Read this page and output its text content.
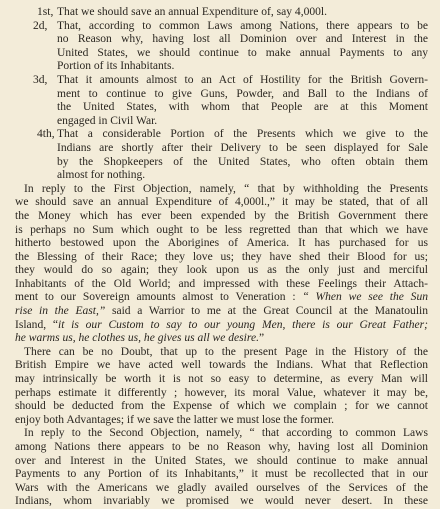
1st, That we should save an annual Expenditure of, say 4,000l.
2d, That, according to common Laws among Nations, there appears to be
no Reason why, having lost all Dominion over and Interest in the
United States, we should continue to make annual Payments to any
Portion of its Inhabitants.
3d, That it amounts almost to an Act of Hostility for the British Govern-
ment to continue to give Guns, Powder, and Ball to the Indians of
the United States, with whom that People are at this Moment
engaged in Civil War.
4th, That a considerable Portion of the Presents which we give to the
Indians are shortly after their Delivery to be seen displayed for Sale
by the Shopkeepers of the United States, who often obtain them
almost for nothing.
In reply to the First Objection, namely, “ that by withholding the Presents
we should save an annual Expenditure of 4,000l.,” it may be stated, that of all
the Money which has ever been expended by the British Government there
is perhaps no Sum which ought to be less regretted than that which we have
hitherto bestowed upon the Aborigines of America. It has purchased for us
the Blessing of their Race; they love us; they have shed their Blood for us;
they would do so again; they look upon us as the only just and merciful
Inhabitants of the Old World; and impressed with these Feelings their Attach-
ment to our Sovereign amounts almost to Veneration : “ When we see the Sun
rise in the East,” said a Warrior to me at the Great Council at the Manatoulin
Island, “it is our Custom to say to our young Men, there is our Great Father;
he warms us, he clothes us, he gives us all we desire.”
There can be no Doubt, that up to the present Page in the History of the
British Empire we have acted well towards the Indians. What that Reflection
may intrinsically be worth it is not so easy to determine, as every Man will
perhaps estimate it differently ; however, its moral Value, whatever it may be,
should be deducted from the Expense of which we complain ; for we cannot
enjoy both Advantages; if we save the latter we must lose the former.
In reply to the Second Objection, namely, “ that according to common Laws
among Nations there appears to be no Reason why, having lost all Dominion
over and Interest in the United States, we should continue to make annual
Payments to any Portion of its Inhabitants,” it must be recollected that in our
Wars with the Americans we gladly availed ourselves of the Services of the
Indians, whom invariably we promised we would never desert. In these
